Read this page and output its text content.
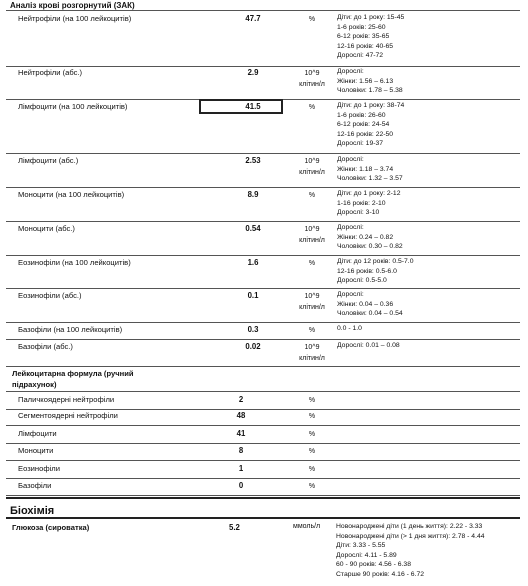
Аналіз крові розгорнутий (ЗАК)
Нейтрофіли (на 100 лейкоцитів)	47.7	%	Діти: до 1 року: 15-45
1-6 років: 25-60
6-12 років: 35-65
12-16 років: 40-65
Дорослі: 47-72
Нейтрофіли (абс.)	2.9	10^9
клітин/л
Дорослі:
Жінки: 1.56 – 6.13
Чоловіки: 1.78 – 5.38
Лімфоцити (на 100 лейкоцитів)	41.5	%	Діти: до 1 року: 38-74
1-6 років: 26-60
6-12 років: 24-54
12-16 років: 22-50
Дорослі: 19-37
Лімфоцити (абс.)	2.53	10^9
клітин/л
Дорослі:
Жінки: 1.18 – 3.74
Чоловіки: 1.32 – 3.57
Моноцити (на 100 лейкоцитів)	8.9	%	Діти: до 1 року: 2-12
1-16 років: 2-10
Дорослі: 3-10
Моноцити (абс.)	0.54	10^9
клітин/л
Дорослі:
Жінки: 0.24 – 0.82
Чоловіки: 0.30 – 0.82
Еозинофіли (на 100 лейкоцитів)	1.6	%	Діти: до 12 років: 0.5-7.0
12-16 років: 0.5-6.0
Дорослі: 0.5-5.0
Еозинофіли (абс.)	0.1	10^9
клітин/л
Дорослі:
Жінки: 0.04 – 0.36
Чоловіки: 0.04 – 0.54
Базофіли (на 100 лейкоцитів)	0.3	%	0.0 - 1.0
Базофіли (абс.)	0.02	10^9
клітин/л
Дорослі: 0.01 – 0.08
Лейкоцитарна формула (ручний
підрахунок)
Паличкоядерні нейтрофіли	2	%
Сегментоядерні нейтрофіли	48	%
Лімфоцити	41	%
Моноцити	8	%
Еозинофіли	1	%
Базофіли	0	%
Біохімія
Глюкоза (сироватка)	5.2	ммоль/л Новонароджені діти (1 день життя): 2.22 - 3.33
Новонароджені діти (> 1 дня життя): 2.78 - 4.44
Діти: 3.33 - 5.55
Дорослі: 4.11 - 5.89
60 - 90 років: 4.56 - 6.38
Старше 90 років: 4.16 - 6.72
